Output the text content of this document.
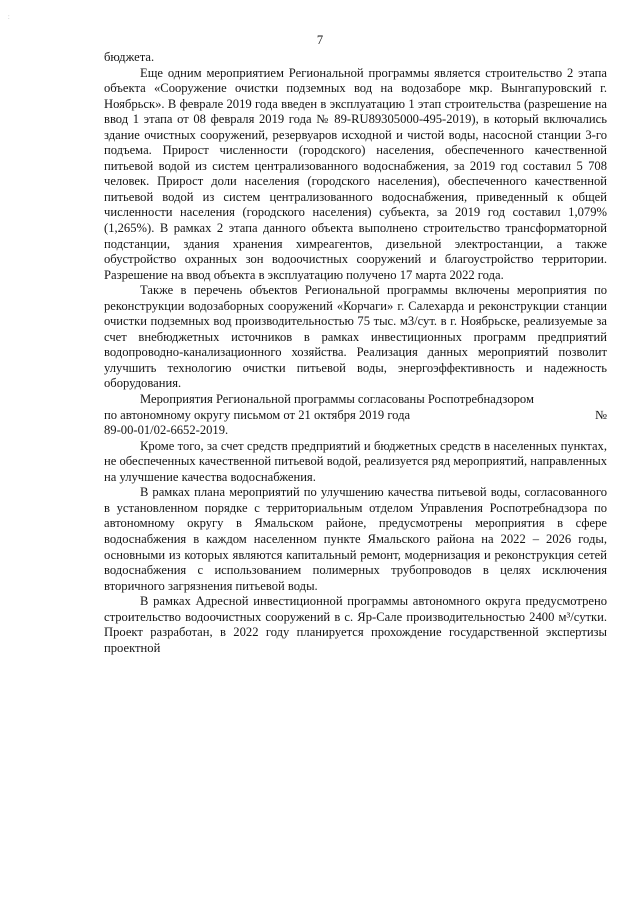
:
7

бюджета.

Еще одним мероприятием Региональной программы является строительство 2 этапа объекта «Сооружение очистки подземных вод на водозаборе мкр. Вынгапуровский г. Ноябрьск». В феврале 2019 года введен в эксплуатацию 1 этап строительства (разрешение на ввод 1 этапа от 08 февраля 2019 года № 89-RU89305000-495-2019), в который включались здание очистных сооружений, резервуаров исходной и чистой воды, насосной станции 3-го подъема. Прирост численности (городского) населения, обеспеченного качественной питьевой водой из систем централизованного водоснабжения, за 2019 год составил 5 708 человек. Прирост доли населения (городского населения), обеспеченного качественной питьевой водой из систем централизованного водоснабжения, приведенный к общей численности населения (городского населения) субъекта, за 2019 год составил 1,079% (1,265%). В рамках 2 этапа данного объекта выполнено строительство трансформаторной подстанции, здания хранения химреагентов, дизельной электростанции, а также обустройство охранных зон водоочистных сооружений и благоустройство территории. Разрешение на ввод объекта в эксплуатацию получено 17 марта 2022 года.

Также в перечень объектов Региональной программы включены мероприятия по реконструкции водозаборных сооружений «Корчаги» г. Салехарда и реконструкции станции очистки подземных вод производительностью 75 тыс. м3/сут. в г. Ноябрьске, реализуемые за счет внебюджетных источников в рамках инвестиционных программ предприятий водопроводно-канализационного хозяйства. Реализация данных мероприятий позволит улучшить технологию очистки питьевой воды, энергоэффективность и надежность оборудования.

Мероприятия Региональной программы согласованы Роспотребнадзором

по автономному округу письмом от 21 октября 2019 года	№

89-00-01/02-6652-2019.

Кроме того, за счет средств предприятий и бюджетных средств в населенных пунктах, не обеспеченных качественной питьевой водой, реализуется ряд мероприятий, направленных на улучшение качества водоснабжения.

В рамках плана мероприятий по улучшению качества питьевой воды, согласованного в установленном порядке с территориальным отделом Управления Роспотребнадзора по автономному округу в Ямальском районе, предусмотрены мероприятия в сфере водоснабжения в каждом населенном пункте Ямальского района на 2022 – 2026 годы, основными из которых являются капитальный ремонт, модернизация и реконструкция сетей водоснабжения с использованием полимерных трубопроводов в целях исключения вторичного загрязнения питьевой воды.

В рамках Адресной инвестиционной программы автономного округа предусмотрено строительство водоочистных сооружений в с. Яр-Сале производительностью 2400 м³/сутки. Проект разработан, в 2022 году планируется прохождение государственной экспертизы проектной
